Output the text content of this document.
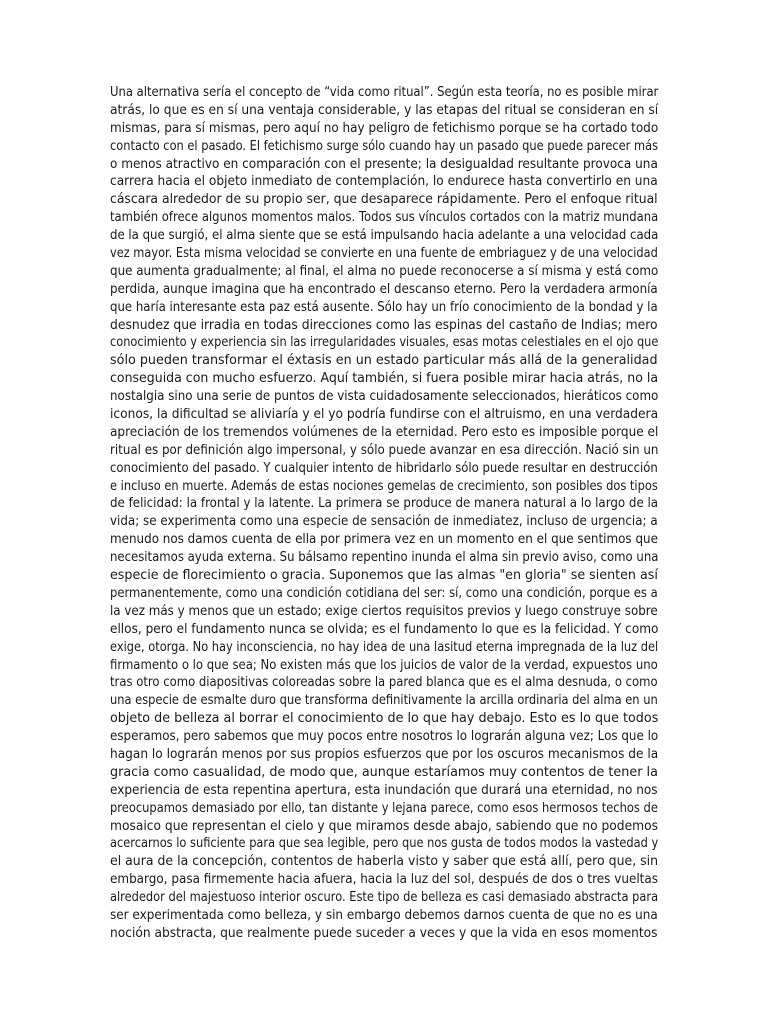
Una alternativa sería el concepto de “vida como ritual”. Según esta teoría, no es posible mirar
atrás, lo que es en sí una ventaja considerable, y las etapas del ritual se consideran en sí
mismas, para sí mismas, pero aquí no hay peligro de fetichismo porque se ha cortado todo
contacto con el pasado. El fetichismo surge sólo cuando hay un pasado que puede parecer más
o menos atractivo en comparación con el presente; la desigualdad resultante provoca una
carrera hacia el objeto inmediato de contemplación, lo endurece hasta convertirlo en una
cáscara alrededor de su propio ser, que desaparece rápidamente. Pero el enfoque ritual
también ofrece algunos momentos malos. Todos sus vínculos cortados con la matriz mundana
de la que surgió, el alma siente que se está impulsando hacia adelante a una velocidad cada
vez mayor. Esta misma velocidad se convierte en una fuente de embriaguez y de una velocidad
que aumenta gradualmente; al final, el alma no puede reconocerse a sí misma y está como
perdida, aunque imagina que ha encontrado el descanso eterno. Pero la verdadera armonía
que haría interesante esta paz está ausente. Sólo hay un frío conocimiento de la bondad y la
desnudez que irradia en todas direcciones como las espinas del castaño de Indias; mero
conocimiento y experiencia sin las irregularidades visuales, esas motas celestiales en el ojo que
sólo pueden transformar el éxtasis en un estado particular más allá de la generalidad
conseguida con mucho esfuerzo. Aquí también, si fuera posible mirar hacia atrás, no la
nostalgia sino una serie de puntos de vista cuidadosamente seleccionados, hieráticos como
iconos, la dificultad se aliviaría y el yo podría fundirse con el altruismo, en una verdadera
apreciación de los tremendos volúmenes de la eternidad. Pero esto es imposible porque el
ritual es por definición algo impersonal, y sólo puede avanzar en esa dirección. Nació sin un
conocimiento del pasado. Y cualquier intento de hibridarlo sólo puede resultar en destrucción
e incluso en muerte. Además de estas nociones gemelas de crecimiento, son posibles dos tipos
de felicidad: la frontal y la latente. La primera se produce de manera natural a lo largo de la
vida; se experimenta como una especie de sensación de inmediatez, incluso de urgencia; a
menudo nos damos cuenta de ella por primera vez en un momento en el que sentimos que
necesitamos ayuda externa. Su bálsamo repentino inunda el alma sin previo aviso, como una
especie de florecimiento o gracia. Suponemos que las almas "en gloria" se sienten así
permanentemente, como una condición cotidiana del ser: sí, como una condición, porque es a
la vez más y menos que un estado; exige ciertos requisitos previos y luego construye sobre
ellos, pero el fundamento nunca se olvida; es el fundamento lo que es la felicidad. Y como
exige, otorga. No hay inconsciencia, no hay idea de una lasitud eterna impregnada de la luz del
firmamento o lo que sea; No existen más que los juicios de valor de la verdad, expuestos uno
tras otro como diapositivas coloreadas sobre la pared blanca que es el alma desnuda, o como
una especie de esmalte duro que transforma definitivamente la arcilla ordinaria del alma en un
objeto de belleza al borrar el conocimiento de lo que hay debajo. Esto es lo que todos
esperamos, pero sabemos que muy pocos entre nosotros lo lograrán alguna vez; Los que lo
hagan lo lograrán menos por sus propios esfuerzos que por los oscuros mecanismos de la
gracia como casualidad, de modo que, aunque estaríamos muy contentos de tener la
experiencia de esta repentina apertura, esta inundación que durará una eternidad, no nos
preocupamos demasiado por ello, tan distante y lejana parece, como esos hermosos techos de
mosaico que representan el cielo y que miramos desde abajo, sabiendo que no podemos
acercarnos lo suficiente para que sea legible, pero que nos gusta de todos modos la vastedad y
el aura de la concepción, contentos de haberla visto y saber que está allí, pero que, sin
embargo, pasa firmemente hacia afuera, hacia la luz del sol, después de dos o tres vueltas
alrededor del majestuoso interior oscuro. Este tipo de belleza es casi demasiado abstracta para
ser experimentada como belleza, y sin embargo debemos darnos cuenta de que no es una
noción abstracta, que realmente puede suceder a veces y que la vida en esos momentos
